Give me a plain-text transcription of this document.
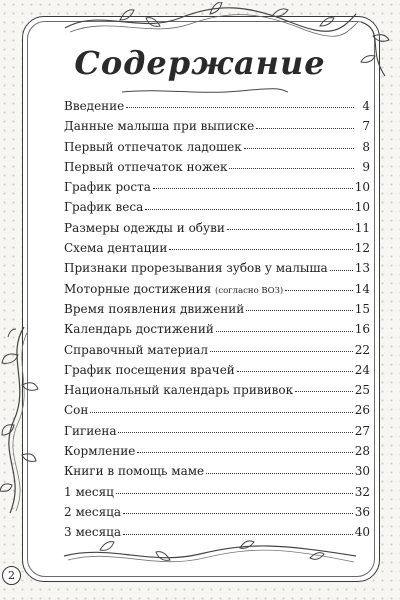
Содержание
Введение	4
Данные малыша при выписке	7
Первый отпечаток ладошек	8
Первый отпечаток ножек	9
График роста	10
График веса	10
Размеры одежды и обуви	11
Схема дентации	12
Признаки прорезывания зубов у малыша 13
Моторные достижения (согласно ВОЗ)	14
Время появления движений	15
Календарь достижений	16
Справочный материал	22
График посещения врачей	24
Национальный календарь прививок	25
Сон	26
Гигиена	27
Кормление	28
Книги в помощь маме	30
1 месяц	32
2 месяца	36
3 месяца	40
2
